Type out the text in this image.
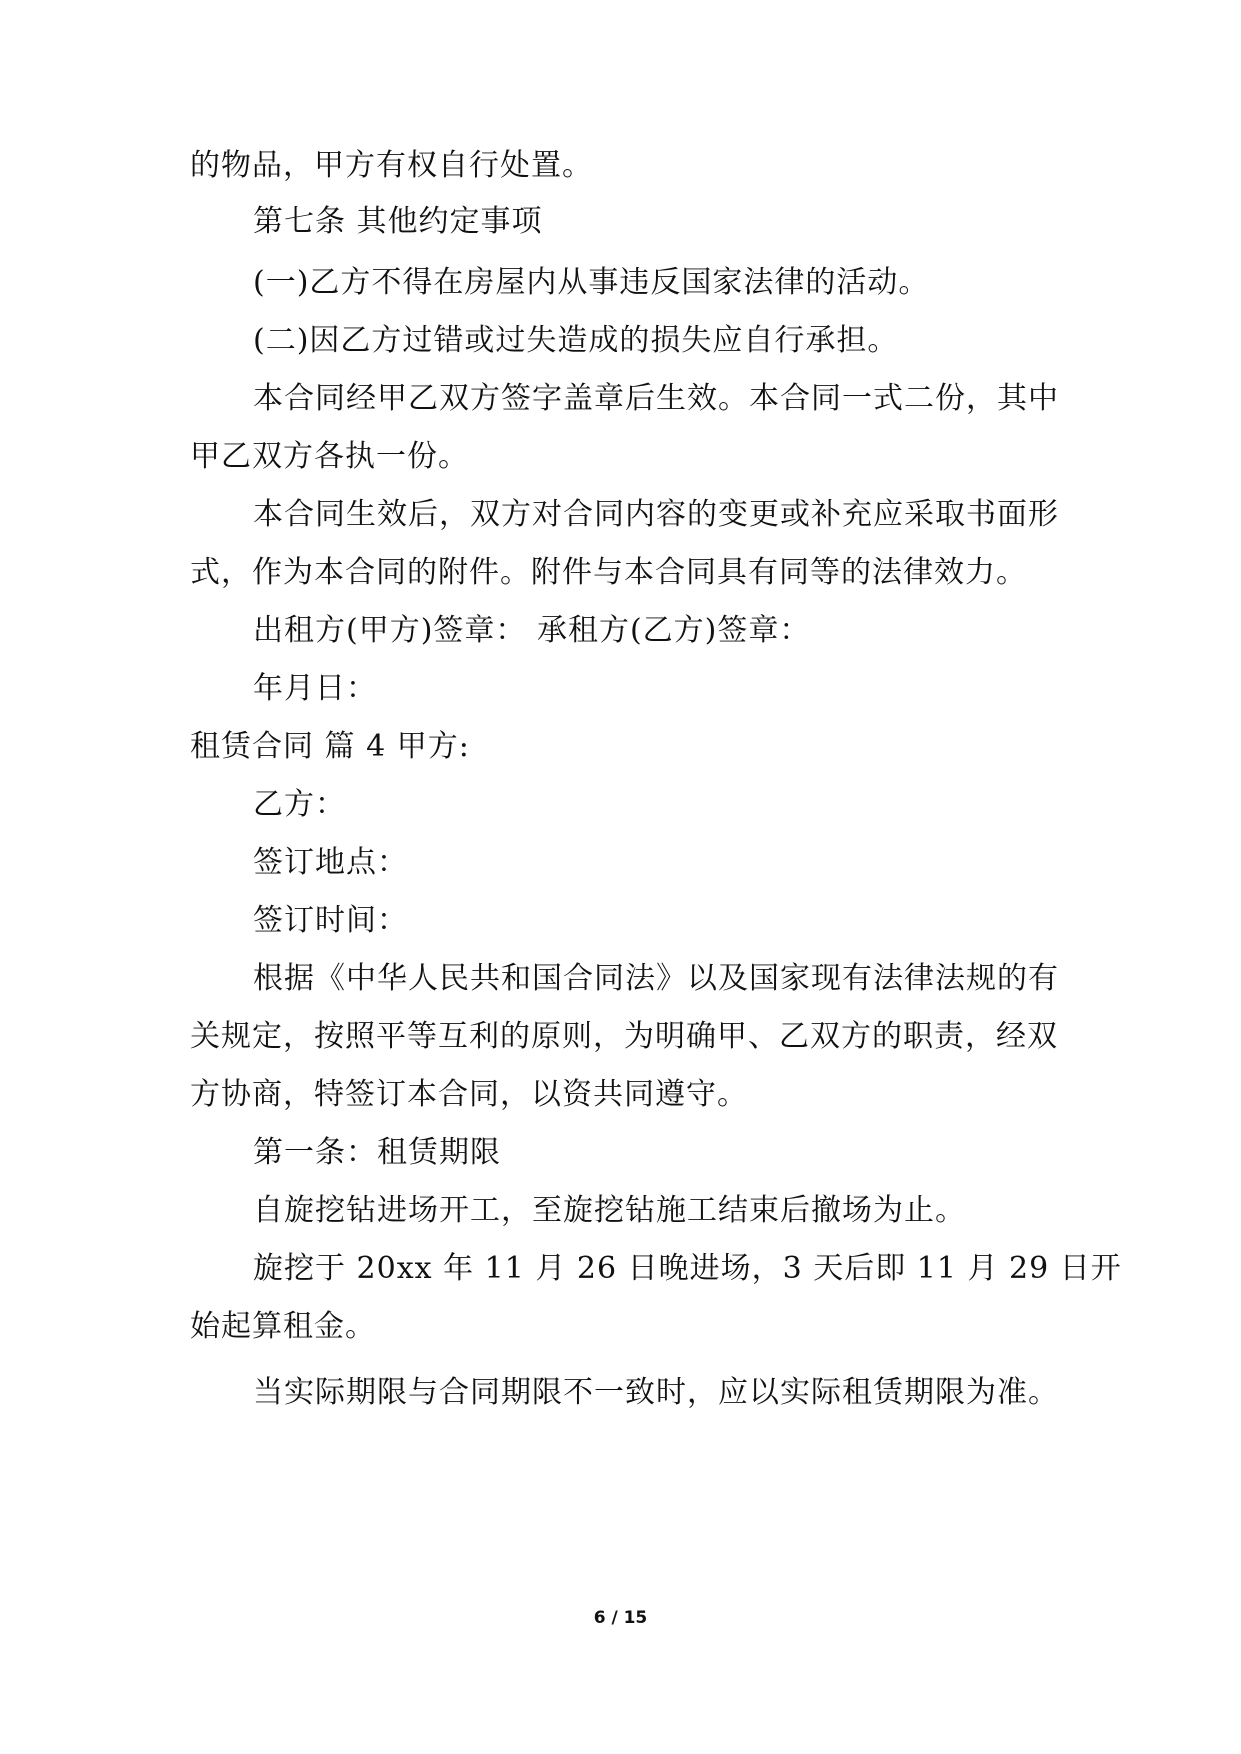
的物品，甲方有权自行处置。
第七条 其他约定事项
(一)乙方不得在房屋内从事违反国家法律的活动。
(二)因乙方过错或过失造成的损失应自行承担。
本合同经甲乙双方签字盖章后生效。本合同一式二份，其中
甲乙双方各执一份。
本合同生效后，双方对合同内容的变更或补充应采取书面形
式，作为本合同的附件。附件与本合同具有同等的法律效力。
出租方(甲方)签章： 承租方(乙方)签章：
年月日：
租赁合同 篇 4 甲方:
乙方：
签订地点：
签订时间：
根据《中华人民共和国合同法》以及国家现有法律法规的有
关规定，按照平等互利的原则，为明确甲、乙双方的职责，经双
方协商，特签订本合同，以资共同遵守。
第一条：租赁期限
自旋挖钻进场开工，至旋挖钻施工结束后撤场为止。
旋挖于 20xx 年 11 月 26 日晚进场，3 天后即 11 月 29 日开
始起算租金。
当实际期限与合同期限不一致时，应以实际租赁期限为准。
6 / 15
